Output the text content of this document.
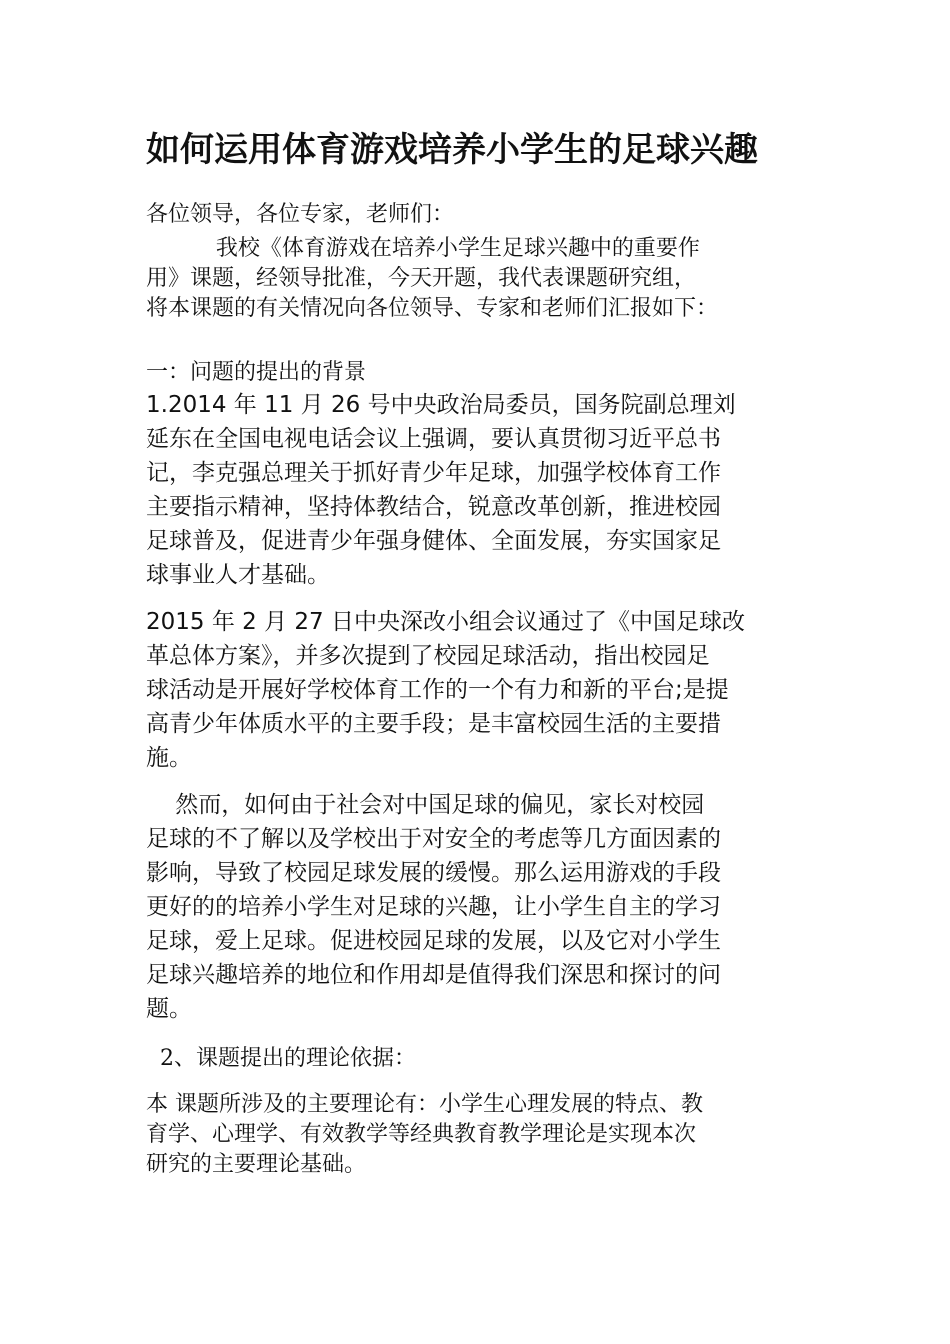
如何运用体育游戏培养小学生的足球兴趣

各位领导，各位专家，老师们：

我校《体育游戏在培养小学生足球兴趣中的重要作
用》课题，经领导批准，今天开题，我代表课题研究组，
将本课题的有关情况向各位领导、专家和老师们汇报如下：

一：问题的提出的背景

1.2014 年 11 月 26 号中央政治局委员，国务院副总理刘
延东在全国电视电话会议上强调，要认真贯彻习近平总书
记，李克强总理关于抓好青少年足球，加强学校体育工作
主要指示精神，坚持体教结合，锐意改革创新，推进校园
足球普及，促进青少年强身健体、全面发展，夯实国家足
球事业人才基础。
2015 年 2 月 27 日中央深改小组会议通过了《中国足球改
革总体方案》，并多次提到了校园足球活动，指出校园足
球活动是开展好学校体育工作的一个有力和新的平台;是提
高青少年体质水平的主要手段；是丰富校园生活的主要措
施。
然而，如何由于社会对中国足球的偏见，家长对校园
足球的不了解以及学校出于对安全的考虑等几方面因素的
影响，导致了校园足球发展的缓慢。那么运用游戏的手段
更好的的培养小学生对足球的兴趣，让小学生自主的学习
足球，爱上足球。促进校园足球的发展，以及它对小学生
足球兴趣培养的地位和作用却是值得我们深思和探讨的问
题。

2、课题提出的理论依据：

本 课题所涉及的主要理论有：小学生心理发展的特点、教
育学、心理学、有效教学等经典教育教学理论是实现本次
研究的主要理论基础。
